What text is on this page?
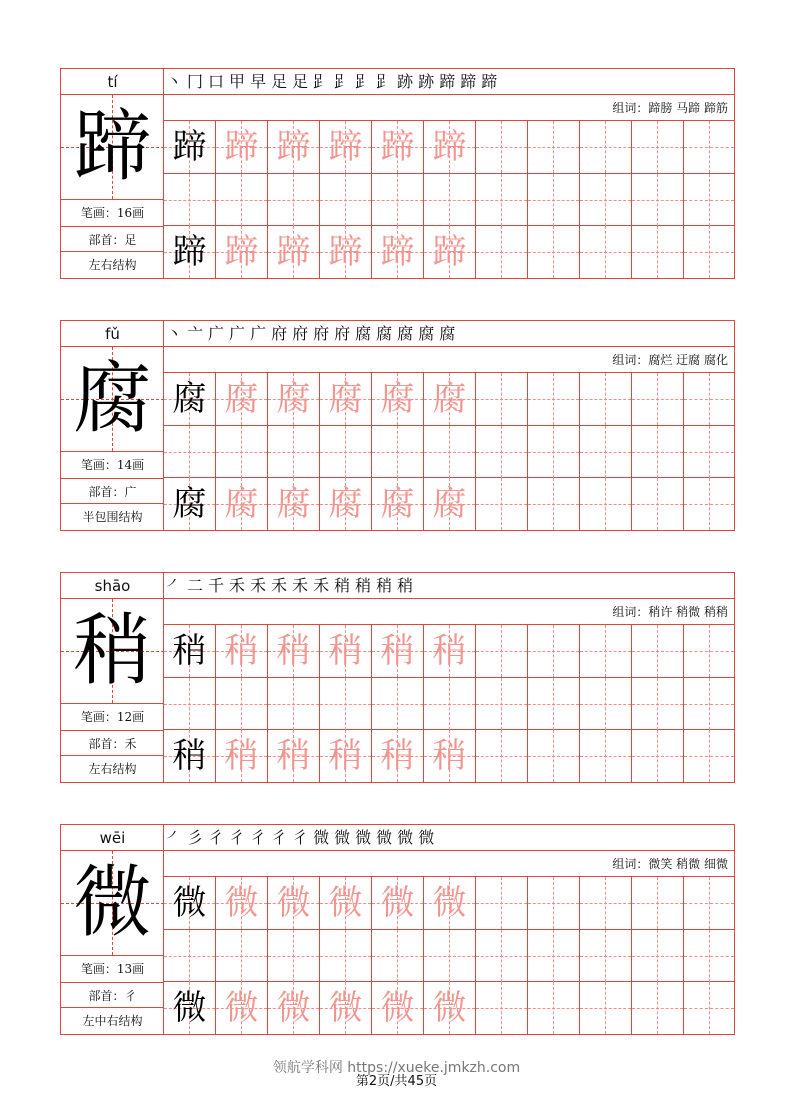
tí
蹄
笔画：16画
部首：足
左右结构
丶 冂 口 甲 早 足 足 𧾷 𧾷 𧾷 𧾷 跡 跡 蹄 蹄 蹄
组词：蹄膀 马蹄 蹄筋
蹄 蹄 蹄 蹄 蹄 蹄
蹄 蹄 蹄 蹄 蹄 蹄
fǔ
腐
笔画：14画
部首：广
半包围结构
丶 亠 广 广 广 府 府 府 府 腐 腐 腐 腐 腐
组词：腐烂 迂腐 腐化
腐 腐 腐 腐 腐 腐
腐 腐 腐 腐 腐 腐
shāo
稍
笔画：12画
部首：禾
左右结构
㇒ 二 千 禾 禾 禾 禾 禾 稍 稍 稍 稍
组词：稍许 稍微 稍稍
稍 稍 稍 稍 稍 稍
稍 稍 稍 稍 稍 稍
wēi
微
笔画：13画
部首：彳
左中右结构
㇒ 彡 彳 彳 彳 彳 彳 微 微 微 微 微 微
组词：微笑 稍微 细微
微 微 微 微 微 微
微 微 微 微 微 微
领航学科网 https://xueke.jmkzh.com
第2页/共45页
